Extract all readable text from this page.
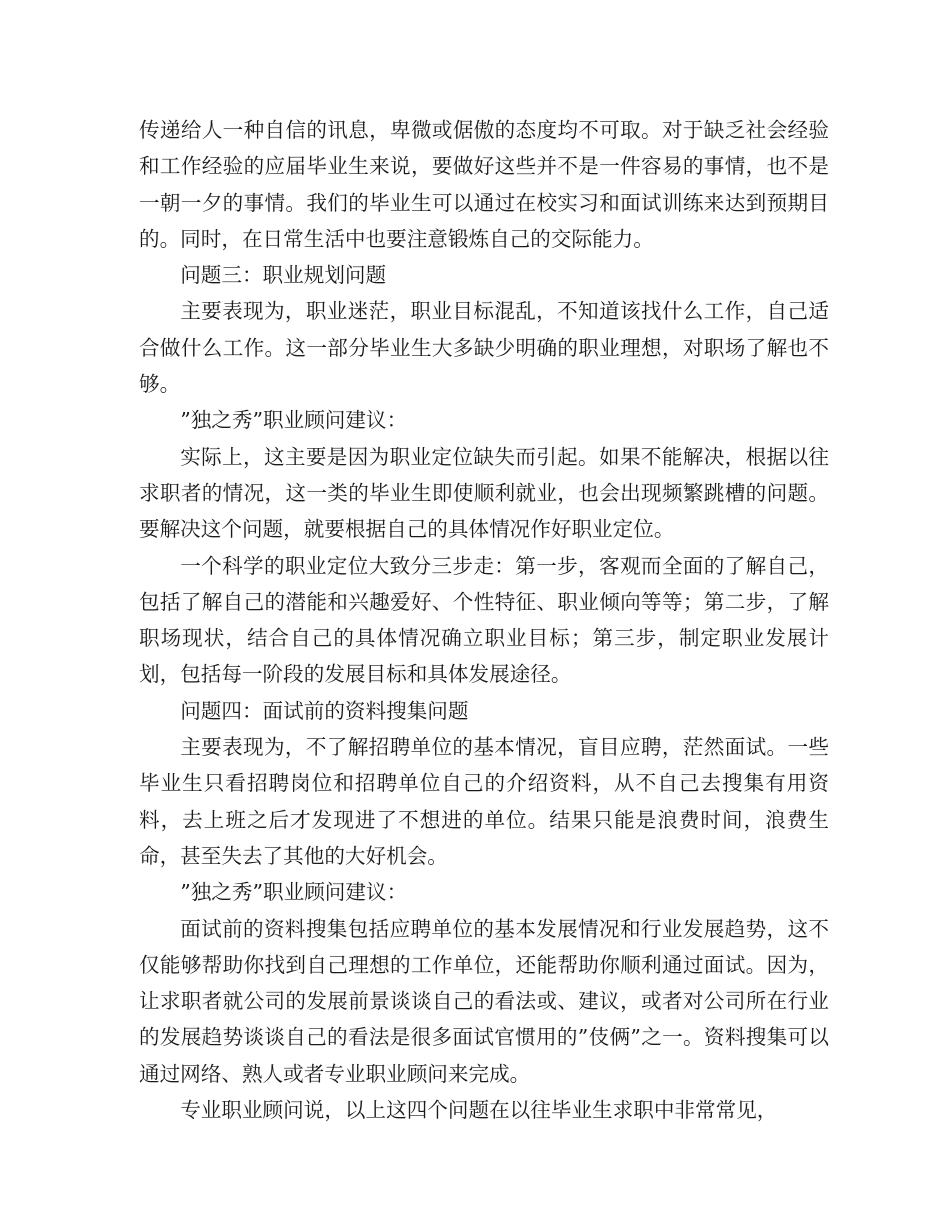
传递给人一种自信的讯息，卑微或倨傲的态度均不可取。对于缺乏社会经验和工作经验的应届毕业生来说，要做好这些并不是一件容易的事情，也不是一朝一夕的事情。我们的毕业生可以通过在校实习和面试训练来达到预期目的。同时，在日常生活中也要注意锻炼自己的交际能力。

问题三：职业规划问题

主要表现为，职业迷茫，职业目标混乱，不知道该找什么工作，自己适合做什么工作。这一部分毕业生大多缺少明确的职业理想，对职场了解也不够。

”独之秀”职业顾问建议：

实际上，这主要是因为职业定位缺失而引起。如果不能解决，根据以往求职者的情况，这一类的毕业生即使顺利就业，也会出现频繁跳槽的问题。要解决这个问题，就要根据自己的具体情况作好职业定位。

一个科学的职业定位大致分三步走：第一步，客观而全面的了解自己，包括了解自己的潜能和兴趣爱好、个性特征、职业倾向等等；第二步，了解职场现状，结合自己的具体情况确立职业目标；第三步，制定职业发展计划，包括每一阶段的发展目标和具体发展途径。

问题四：面试前的资料搜集问题

主要表现为，不了解招聘单位的基本情况，盲目应聘，茫然面试。一些毕业生只看招聘岗位和招聘单位自己的介绍资料，从不自己去搜集有用资料，去上班之后才发现进了不想进的单位。结果只能是浪费时间，浪费生命，甚至失去了其他的大好机会。

”独之秀”职业顾问建议：

面试前的资料搜集包括应聘单位的基本发展情况和行业发展趋势，这不仅能够帮助你找到自己理想的工作单位，还能帮助你顺利通过面试。因为，让求职者就公司的发展前景谈谈自己的看法或、建议，或者对公司所在行业的发展趋势谈谈自己的看法是很多面试官惯用的”伎俩”之一。资料搜集可以通过网络、熟人或者专业职业顾问来完成。

专业职业顾问说，以上这四个问题在以往毕业生求职中非常常见，
